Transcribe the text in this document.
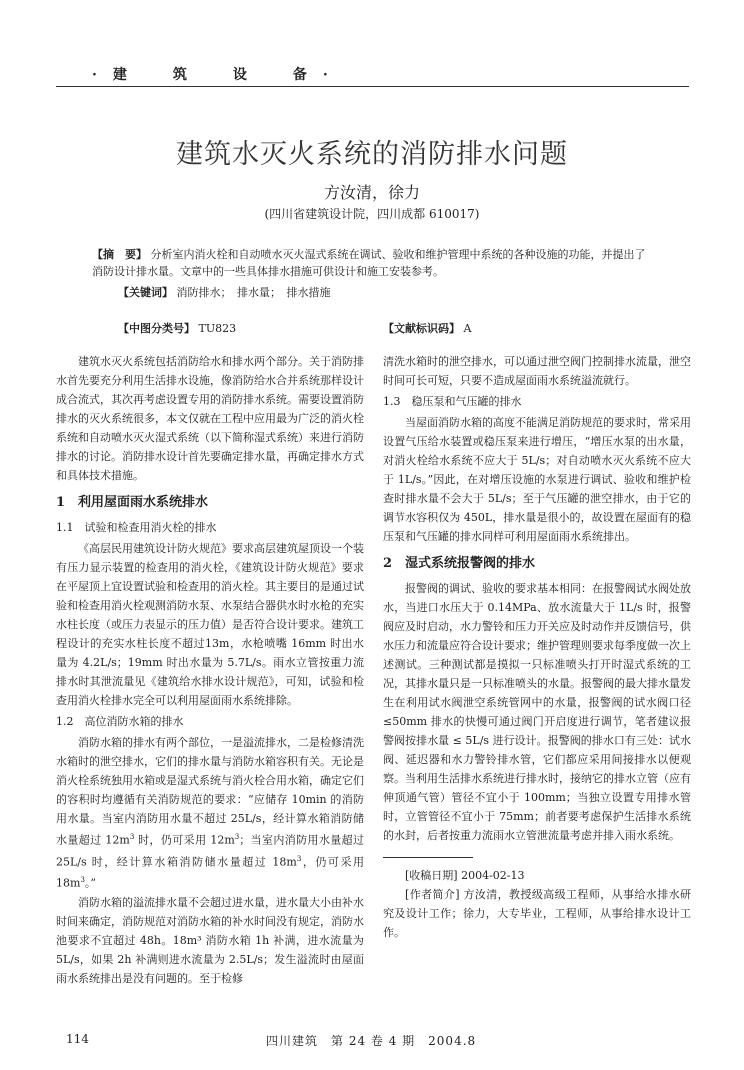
·建　筑　设　备·
建筑水灭火系统的消防排水问题
方汝清，徐力
(四川省建筑设计院，四川成都 610017)

【摘　要】 分析室内消火栓和自动喷水灭火湿式系统在调试、验收和维护管理中系统的各种设施的功能，并提出了消防设计排水量。文章中的一些具体排水措施可供设计和施工安装参考。

【关键词】 消防排水；　排水量；　排水措施
【中图分类号】 TU823	【文献标识码】 A

建筑水灭火系统包括消防给水和排水两个部分。关于消防排水首先要充分利用生活排水设施，像消防给水合并系统那样设计成合流式，其次再考虑设置专用的消防排水系统。需要设置消防排水的灭火系统很多，本文仅就在工程中应用最为广泛的消火栓系统和自动喷水灭火湿式系统（以下简称湿式系统）来进行消防排水的讨论。消防排水设计首先要确定排水量，再确定排水方式和具体技术措施。

1　利用屋面雨水系统排水
1.1　试验和检查用消火栓的排水

《高层民用建筑设计防火规范》要求高层建筑屋顶设一个装有压力显示装置的检查用的消火栓，《建筑设计防火规范》要求在平屋顶上宜设置试验和检查用的消火栓。其主要目的是通过试验和检查用消火栓观测消防水泵、水泵结合器供水时水枪的充实水柱长度（或压力表显示的压力值）是否符合设计要求。建筑工程设计的充实水柱长度不超过13m，水枪喷嘴 16mm 时出水量为 4.2L/s；19mm 时出水量为 5.7L/s。雨水立管按重力流排水时其泄流量见《建筑给水排水设计规范》，可知，试验和检查用消火栓排水完全可以利用屋面雨水系统排除。

1.2　高位消防水箱的排水

消防水箱的排水有两个部位，一是溢流排水，二是检修清洗水箱时的泄空排水，它们的排水量与消防水箱容积有关。无论是消火栓系统独用水箱或是湿式系统与消火栓合用水箱，确定它们的容积时均遵循有关消防规范的要求：“应储存 10min 的消防用水量。当室内消防用水量不超过 25L/s，经计算水箱消防储水量超过 $12m^3$ 时，仍可采用 $12m^3$；当室内消防用水量超过 25L/s 时，经计算水箱消防储水量超过 $18m^3$，仍可采用 $18m^3$。”

消防水箱的溢流排水量不会超过进水量，进水量大小由补水时间来确定，消防规范对消防水箱的补水时间没有规定，消防水池要求不宜超过 48h。18m³ 消防水箱 1h 补满，进水流量为 5L/s，如果 2h 补满则进水流量为 2.5L/s；发生溢流时由屋面雨水系统排出是没有问题的。至于检修

清洗水箱时的泄空排水，可以通过泄空阀门控制排水流量，泄空时间可长可短，只要不造成屋面雨水系统溢流就行。

1.3　稳压泵和气压罐的排水

当屋面消防水箱的高度不能满足消防规范的要求时，常采用设置气压给水装置或稳压泵来进行增压，“增压水泵的出水量，对消火栓给水系统不应大于 5L/s；对自动喷水灭火系统不应大于 1L/s。”因此，在对增压设施的水泵进行调试、验收和维护检查时排水量不会大于 5L/s；至于气压罐的泄空排水，由于它的调节水容积仅为 450L，排水量是很小的，故设置在屋面有的稳压泵和气压罐的排水同样可利用屋面雨水系统排出。

2　湿式系统报警阀的排水

报警阀的调试、验收的要求基本相同：在报警阀试水阀处放水，当进口水压大于 0.14MPa、放水流量大于 1L/s 时，报警阀应及时启动，水力警铃和压力开关应及时动作并反馈信号，供水压力和流量应符合设计要求；维护管理则要求每季度做一次上述测试。三种测试都是摸拟一只标准喷头打开时湿式系统的工况，其排水量只是一只标准喷头的水量。报警阀的最大排水量发生在利用试水阀泄空系统管网中的水量，报警阀的试水阀口径 ≤50mm 排水的快慢可通过阀门开启度进行调节，笔者建议报警阀按排水量 ≤ 5L/s 进行设计。报警阀的排水口有三处：试水阀、延迟器和水力警铃排水管，它们都应采用间接排水以便观察。当利用生活排水系统进行排水时，接纳它的排水立管（应有伸顶通气管）管径不宜小于 100mm；当独立设置专用排水管时，立管管径不宜小于 75mm；前者要考虑保护生活排水系统的水封，后者按重力流雨水立管泄流量考虑并排入雨水系统。

[收稿日期] 2004-02-13

[作者简介] 方汝清，教授级高级工程师，从事给水排水研究及设计工作；徐力，大专毕业，工程师，从事给排水设计工作。

114	四川建筑　第 24 卷 4 期　2004.8
